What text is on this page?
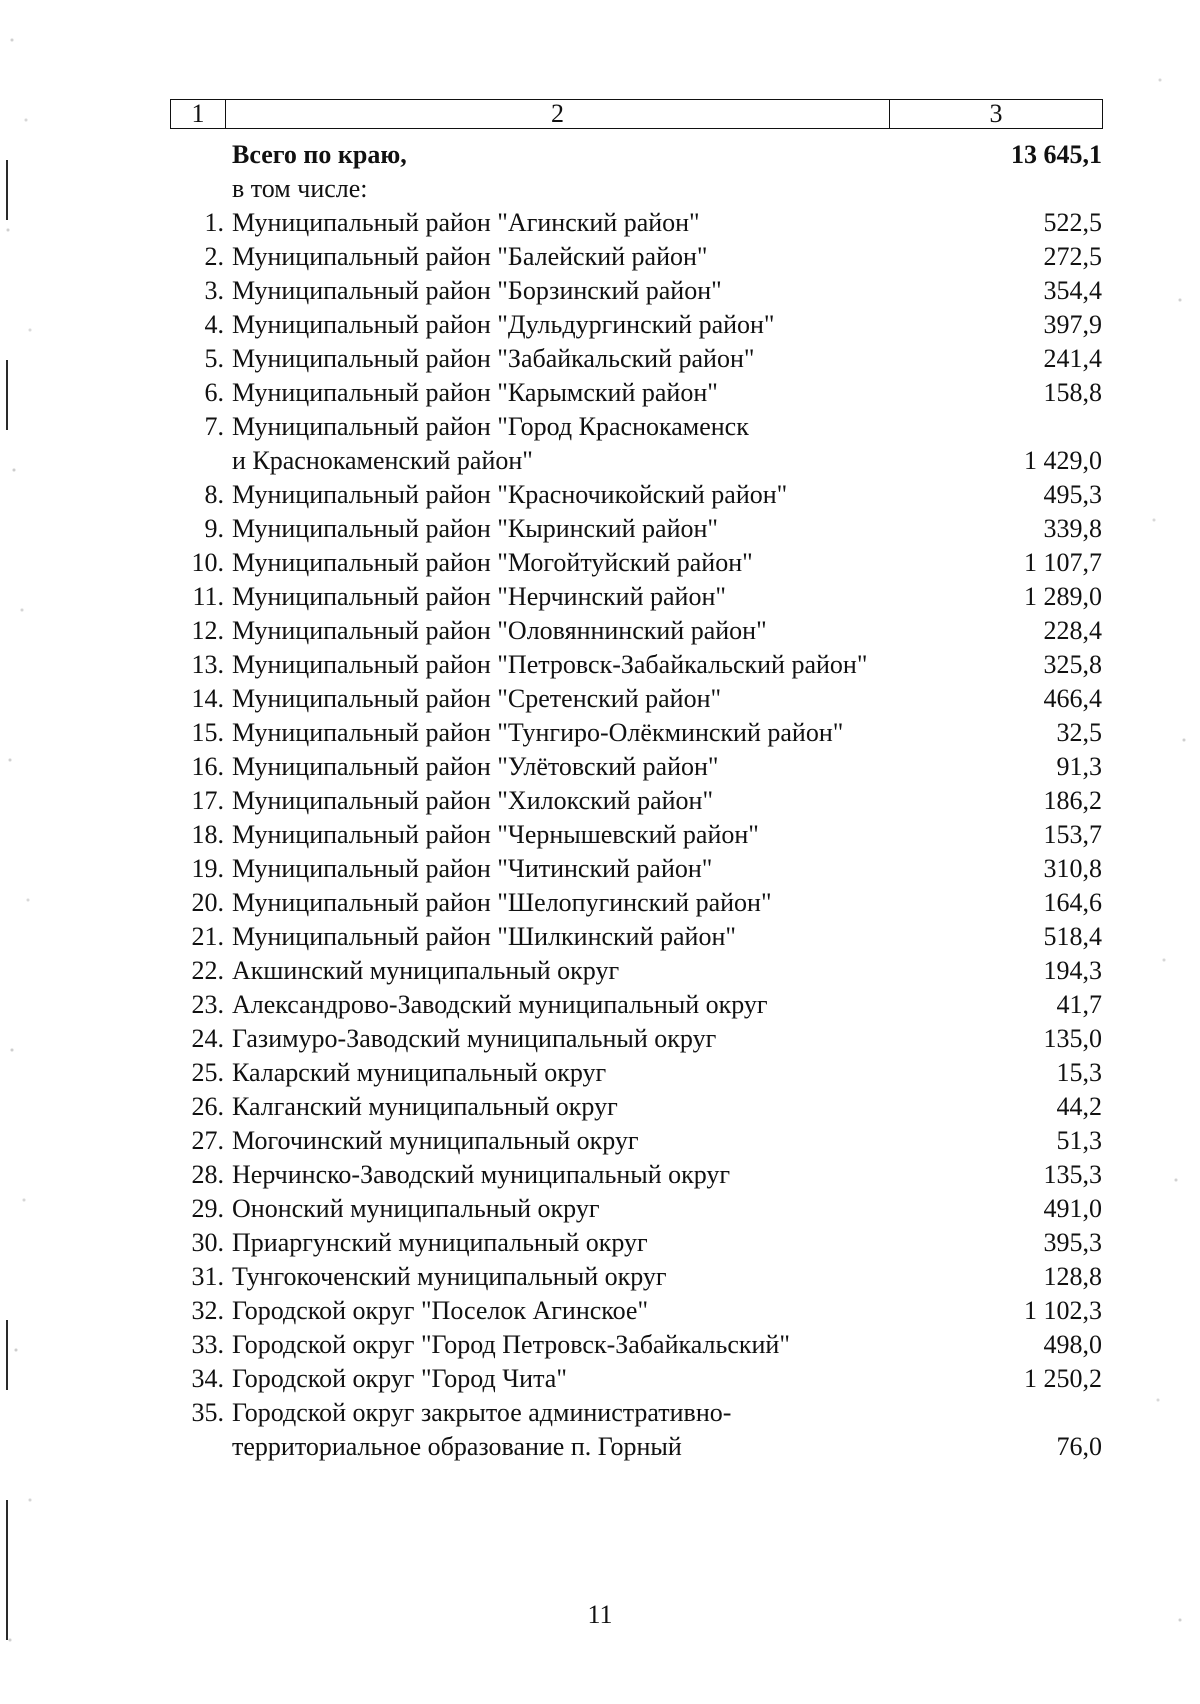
1	2	3
Всего по краю,	13 645,1
в том числе:
1. Муниципальный район "Агинский район"	522,5
2. Муниципальный район "Балейский район"	272,5
3. Муниципальный район "Борзинский район"	354,4
4. Муниципальный район "Дульдургинский район"	397,9
5. Муниципальный район "Забайкальский район"	241,4
6. Муниципальный район "Карымский район"	158,8
7. Муниципальный район "Город Краснокаменск
и Краснокаменский район"	1 429,0
8. Муниципальный район "Красночикойский район"	495,3
9. Муниципальный район "Кыринский район"	339,8
10. Муниципальный район "Могойтуйский район"	1 107,7
11. Муниципальный район "Нерчинский район"	1 289,0
12. Муниципальный район "Оловяннинский район"	228,4
13. Муниципальный район "Петровск-Забайкальский район"	325,8
14. Муниципальный район "Сретенский район"	466,4
15. Муниципальный район "Тунгиро-Олёкминский район"	32,5
16. Муниципальный район "Улётовский район"	91,3
17. Муниципальный район "Хилокский район"	186,2
18. Муниципальный район "Чернышевский район"	153,7
19. Муниципальный район "Читинский район"	310,8
20. Муниципальный район "Шелопугинский район"	164,6
21. Муниципальный район "Шилкинский район"	518,4
22. Акшинский муниципальный округ	194,3
23. Александрово-Заводский муниципальный округ	41,7
24. Газимуро-Заводский муниципальный округ	135,0
25. Каларский муниципальный округ	15,3
26. Калганский муниципальный округ	44,2
27. Могочинский муниципальный округ	51,3
28. Нерчинско-Заводский муниципальный округ	135,3
29. Ононский муниципальный округ	491,0
30. Приаргунский муниципальный округ	395,3
31. Тунгокоченский муниципальный округ	128,8
32. Городской округ "Поселок Агинское"	1 102,3
33. Городской округ "Город Петровск-Забайкальский"	498,0
34. Городской округ "Город Чита"	1 250,2
35. Городской округ закрытое административно-
территориальное образование п. Горный	76,0
11
